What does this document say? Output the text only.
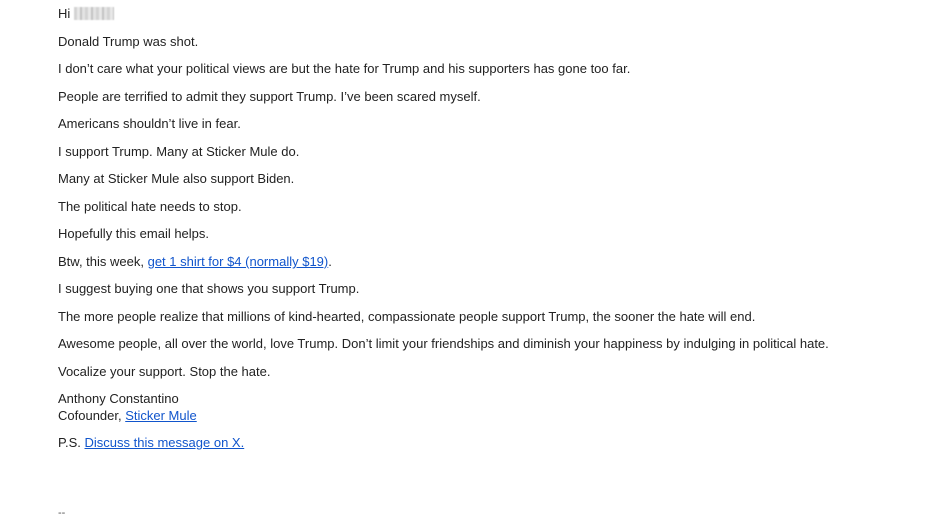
Hi
Donald Trump was shot.
I don’t care what your political views are but the hate for Trump and his supporters has gone too far.
People are terrified to admit they support Trump. I’ve been scared myself.
Americans shouldn’t live in fear.
I support Trump. Many at Sticker Mule do.
Many at Sticker Mule also support Biden.
The political hate needs to stop.
Hopefully this email helps.
Btw, this week, get 1 shirt for $4 (normally $19).
I suggest buying one that shows you support Trump.
The more people realize that millions of kind-hearted, compassionate people support Trump, the sooner the hate will end.
Awesome people, all over the world, love Trump. Don’t limit your friendships and diminish your happiness by indulging in political hate.
Vocalize your support. Stop the hate.
Anthony Constantino
Cofounder, Sticker Mule
P.S. Discuss this message on X.
--
